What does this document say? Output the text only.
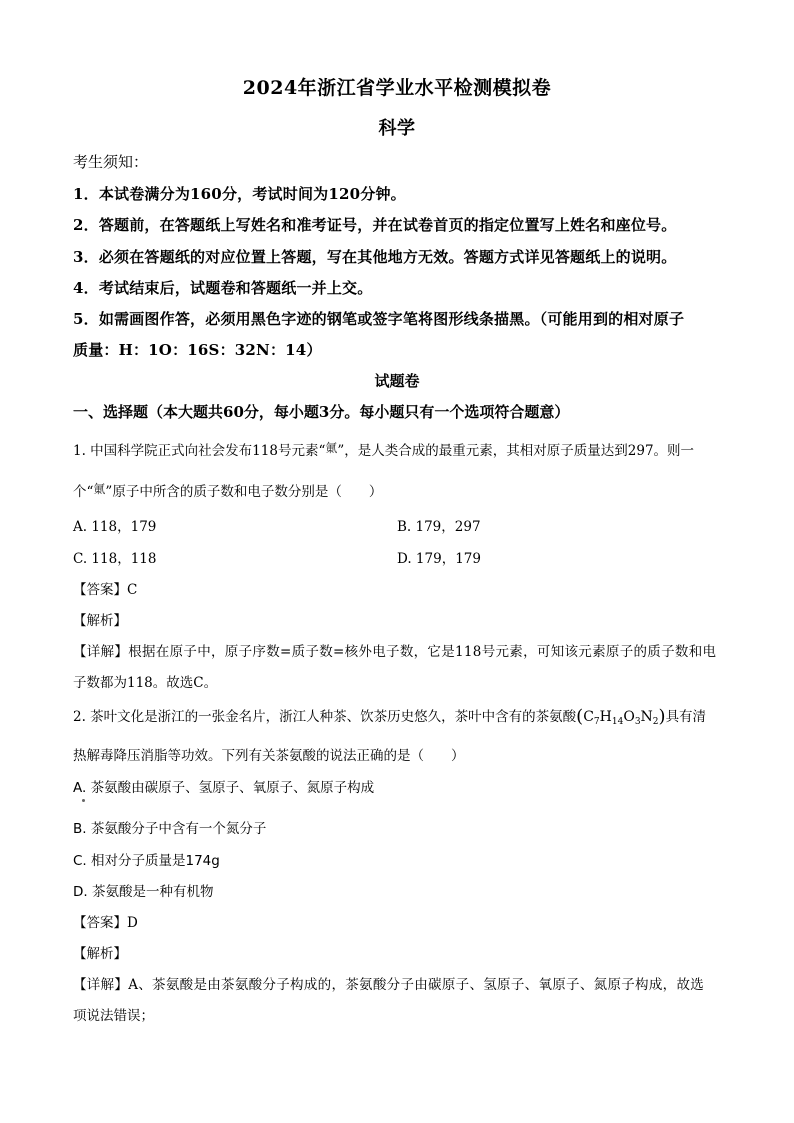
2024年浙江省学业水平检测模拟卷
科学
考生须知：
1．本试卷满分为160分，考试时间为120分钟。
2．答题前，在答题纸上写姓名和准考证号，并在试卷首页的指定位置写上姓名和座位号。
3．必须在答题纸的对应位置上答题，写在其他地方无效。答题方式详见答题纸上的说明。
4．考试结束后，试题卷和答题纸一并上交。
5．如需画图作答，必须用黑色字迹的钢笔或签字笔将图形线条描黑。（可能用到的相对原子
质量：H：1O：16S：32N：14）
试题卷
一、选择题（本大题共60分，每小题3分。每小题只有一个选项符合题意）
1. 中国科学院正式向社会发布118号元素“氭”，是人类合成的最重元素，其相对原子质量达到297。则一
个“氭”原子中所含的质子数和电子数分别是（　　）
A. 118，179	B. 179，297
C. 118，118	D. 179，179
【答案】C
【解析】
【详解】根据在原子中，原子序数=质子数=核外电子数，它是118号元素，可知该元素原子的质子数和电
子数都为118。故选C。
2. 茶叶文化是浙江的一张金名片，浙江人种茶、饮茶历史悠久，茶叶中含有的茶氨酸$(C_7H_{14}O_3N_2)$具有清
热解毒降压消脂等功效。下列有关茶氨酸的说法正确的是（　　）
A. 茶氨酸由碳原子、氢原子、氧原子、氮原子构成
B. 茶氨酸分子中含有一个氮分子
C. 相对分子质量是174g
D. 茶氨酸是一种有机物
【答案】D
【解析】
【详解】A、茶氨酸是由茶氨酸分子构成的，茶氨酸分子由碳原子、氢原子、氧原子、氮原子构成，故选
项说法错误；
